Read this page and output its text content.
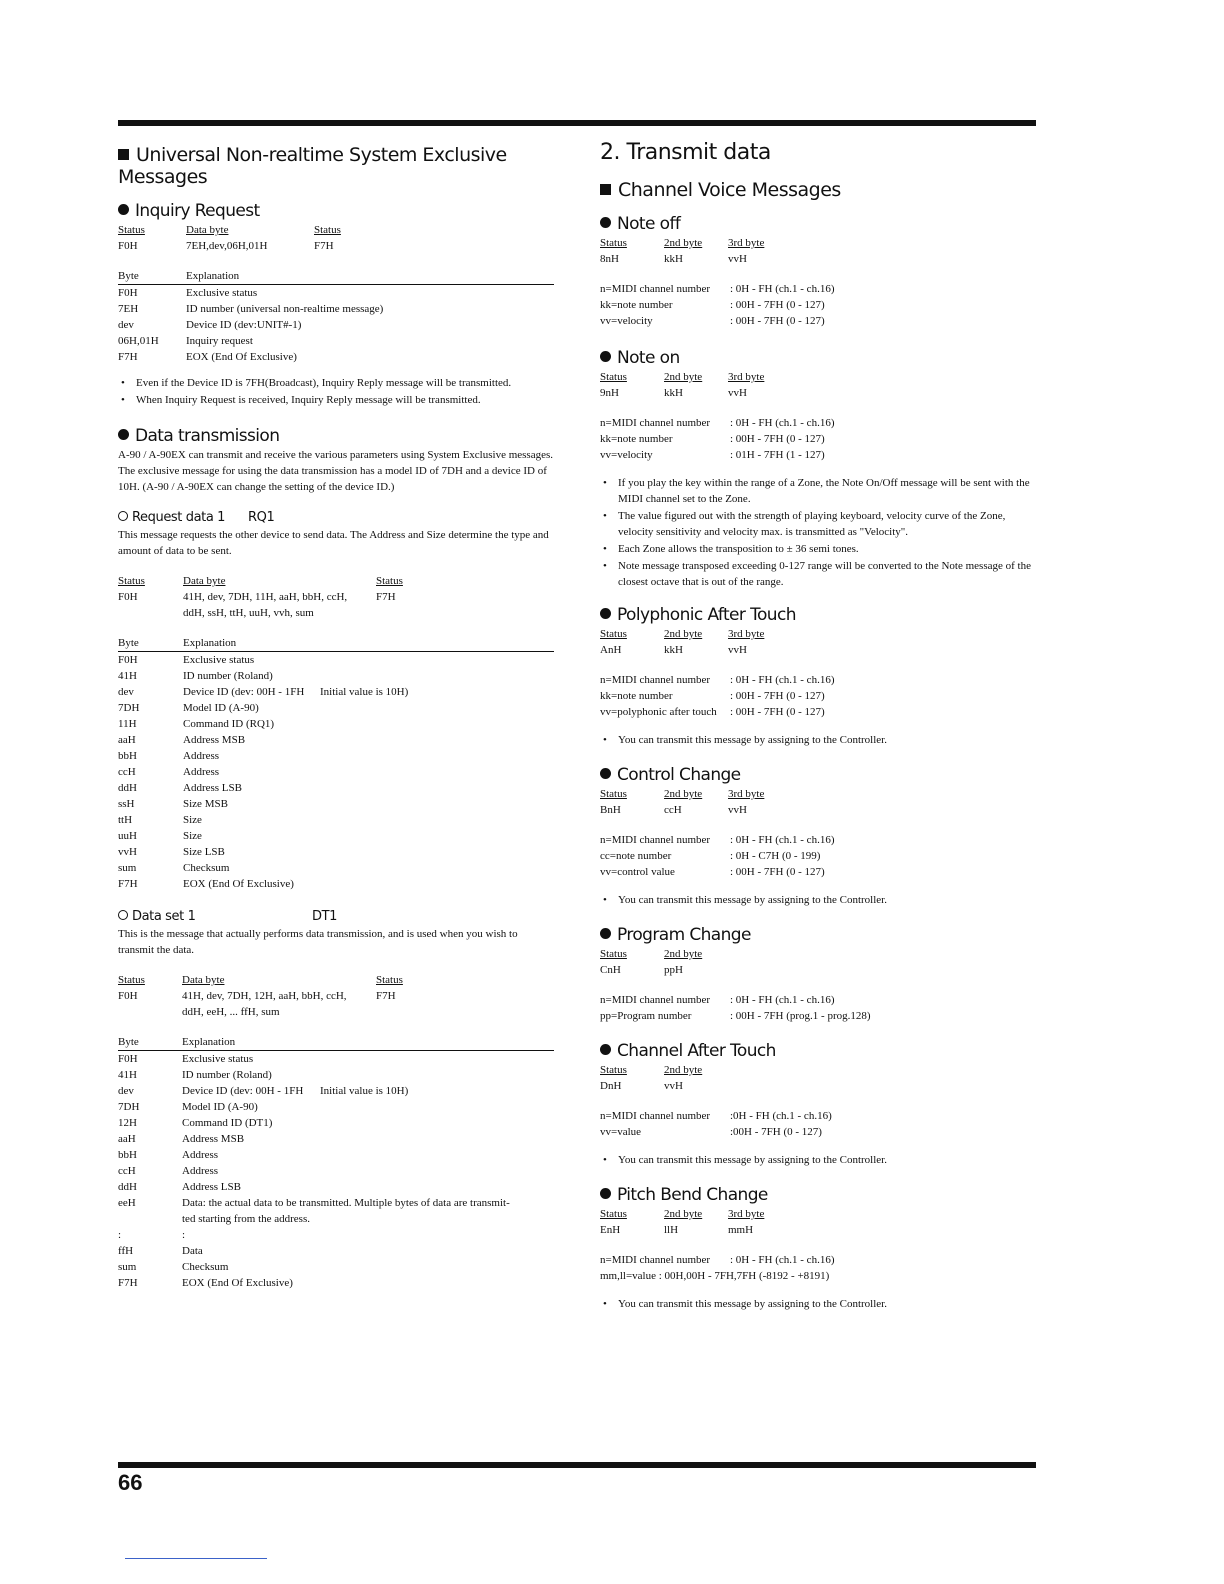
Universal Non-realtime System Exclusive Messages
Inquiry Request
Status	Data byte	Status
F0H	7EH,dev,06H,01H	F7H
Byte	Explanation
F0H	Exclusive status
7EH	ID number (universal non-realtime message)
dev	Device ID (dev:UNIT#-1)
06H,01H Inquiry request
F7H	EOX (End Of Exclusive)

• Even if the Device ID is 7FH(Broadcast), Inquiry Reply message will be transmitted.

• When Inquiry Request is received, Inquiry Reply message will be transmitted.

Data transmission

A-90 / A-90EX can transmit and receive the various parameters using System Exclusive messages.

The exclusive message for using the data transmission has a model ID of 7DH and a device ID of 10H. (A-90 / A-90EX can change the setting of the device ID.)

Request data 1 RQ1

This message requests the other device to send data. The Address and Size determine the type and amount of data to be sent.

Status	Data byte	Status
F0H	41H, dev, 7DH, 11H, aaH, bbH, ccH,	F7H
ddH, ssH, ttH, uuH, vvh, sum
Byte	Explanation
F0H	Exclusive status
41H	ID number (Roland)
dev	Device ID (dev: 00H - 1FH Initial value is 10H)
7DH	Model ID (A-90)
11H	Command ID (RQ1)
aaH	Address MSB
bbH	Address
ccH	Address
ddH	Address LSB
ssH	Size MSB
ttH	Size
uuH	Size
vvH	Size LSB
sum	Checksum
F7H	EOX (End Of Exclusive)
Data set 1	DT1

This is the message that actually performs data transmission, and is used when you wish to transmit the data.

Status	Data byte	Status
F0H	41H, dev, 7DH, 12H, aaH, bbH, ccH,	F7H
ddH, eeH, ... ffH, sum
Byte	Explanation
F0H	Exclusive status
41H	ID number (Roland)
dev	Device ID (dev: 00H - 1FH Initial value is 10H)
7DH	Model ID (A-90)
12H	Command ID (DT1)
aaH	Address MSB
bbH	Address
ccH	Address
ddH	Address LSB
eeH	Data: the actual data to be transmitted. Multiple bytes of data are transmit-
ted starting from the address.
:	:
ffH	Data
sum	Checksum
F7H	EOX (End Of Exclusive)
2. Transmit data
Channel Voice Messages
Note off
Status	2nd byte 3rd byte
8nH	kkH	vvH
n=MIDI channel number : 0H - FH (ch.1 - ch.16)
kk=note number	: 00H - 7FH (0 - 127)
vv=velocity	: 00H - 7FH (0 - 127)
Note on
Status	2nd byte 3rd byte
9nH	kkH	vvH
n=MIDI channel number : 0H - FH (ch.1 - ch.16)
kk=note number	: 00H - 7FH (0 - 127)
vv=velocity	: 01H - 7FH (1 - 127)

• If you play the key within the range of a Zone, the Note On/Off message will be sent with the MIDI channel set to the Zone.

• The value figured out with the strength of playing keyboard, velocity curve of the Zone, velocity sensitivity and velocity max. is transmitted as "Velocity".

• Each Zone allows the transposition to ± 36 semi tones.

• Note message transposed exceeding 0-127 range will be converted to the Note message of the closest octave that is out of the range.

Polyphonic After Touch
Status	2nd byte 3rd byte
AnH	kkH	vvH
n=MIDI channel number : 0H - FH (ch.1 - ch.16)
kk=note number	: 00H - 7FH (0 - 127)
vv=polyphonic after touch : 00H - 7FH (0 - 127)

• You can transmit this message by assigning to the Controller.

Control Change
Status	2nd byte 3rd byte
BnH	ccH	vvH
n=MIDI channel number : 0H - FH (ch.1 - ch.16)
cc=note number	: 0H - C7H (0 - 199)
vv=control value	: 00H - 7FH (0 - 127)

• You can transmit this message by assigning to the Controller.

Program Change
Status	2nd byte
CnH	ppH
n=MIDI channel number : 0H - FH (ch.1 - ch.16)
pp=Program number	: 00H - 7FH (prog.1 - prog.128)
Channel After Touch
Status	2nd byte
DnH	vvH
n=MIDI channel number :0H - FH (ch.1 - ch.16)
vv=value	:00H - 7FH (0 - 127)

• You can transmit this message by assigning to the Controller.

Pitch Bend Change
Status	2nd byte 3rd byte
EnH	llH	mmH
n=MIDI channel number : 0H - FH (ch.1 - ch.16)
mm,ll=value : 00H,00H - 7FH,7FH (-8192 - +8191)

• You can transmit this message by assigning to the Controller.

66
